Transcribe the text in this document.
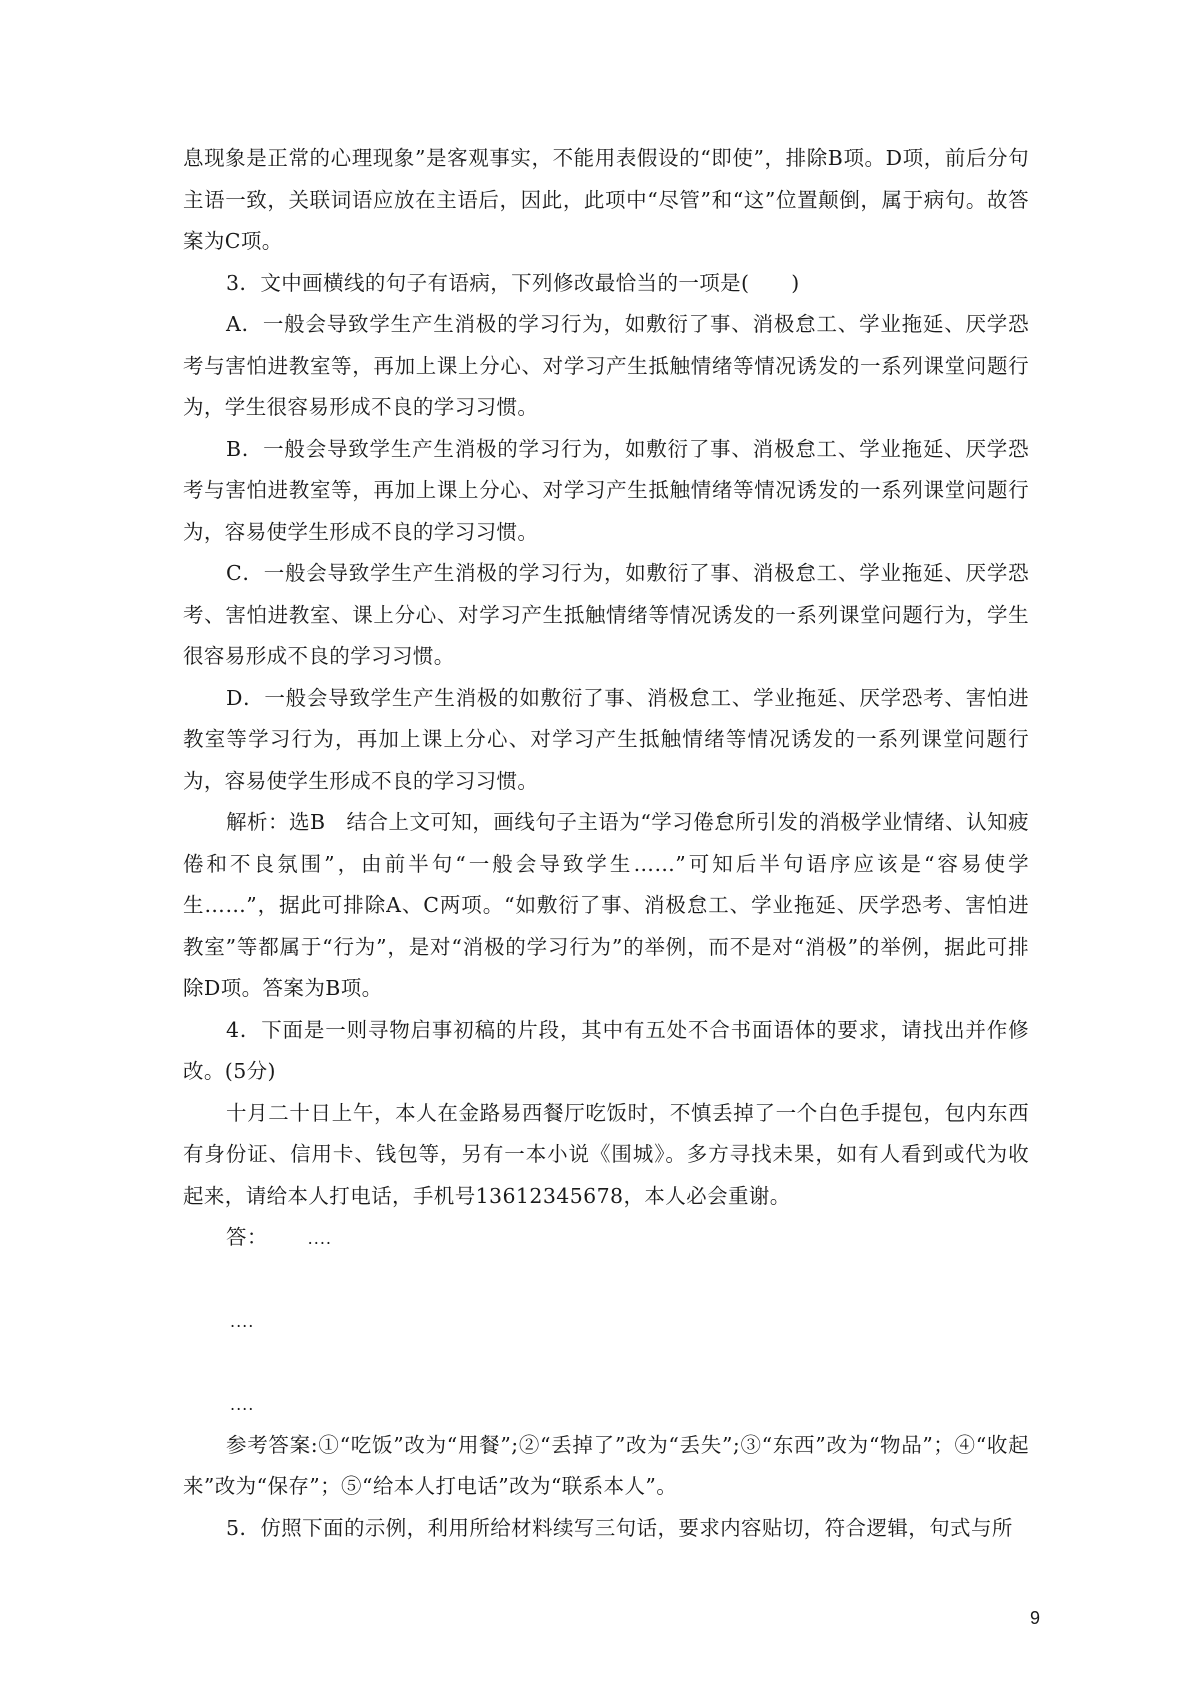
息现象是正常的心理现象”是客观事实，不能用表假设的“即使”，排除B项。D项，前后分句主语一致，关联词语应放在主语后，因此，此项中“尽管”和“这”位置颠倒，属于病句。故答案为C项。

3．文中画横线的句子有语病，下列修改最恰当的一项是(　　)

A．一般会导致学生产生消极的学习行为，如敷衍了事、消极怠工、学业拖延、厌学恐考与害怕进教室等，再加上课上分心、对学习产生抵触情绪等情况诱发的一系列课堂问题行为，学生很容易形成不良的学习习惯。

B．一般会导致学生产生消极的学习行为，如敷衍了事、消极怠工、学业拖延、厌学恐考与害怕进教室等，再加上课上分心、对学习产生抵触情绪等情况诱发的一系列课堂问题行为，容易使学生形成不良的学习习惯。

C．一般会导致学生产生消极的学习行为，如敷衍了事、消极怠工、学业拖延、厌学恐考、害怕进教室、课上分心、对学习产生抵触情绪等情况诱发的一系列课堂问题行为，学生很容易形成不良的学习习惯。

D．一般会导致学生产生消极的如敷衍了事、消极怠工、学业拖延、厌学恐考、害怕进教室等学习行为，再加上课上分心、对学习产生抵触情绪等情况诱发的一系列课堂问题行为，容易使学生形成不良的学习习惯。

解析：选B　结合上文可知，画线句子主语为“学习倦怠所引发的消极学业情绪、认知疲倦和不良氛围”，由前半句“一般会导致学生……”可知后半句语序应该是“容易使学生……”，据此可排除A、C两项。“如敷衍了事、消极怠工、学业拖延、厌学恐考、害怕进教室”等都属于“行为”，是对“消极的学习行为”的举例，而不是对“消极”的举例，据此可排除D项。答案为B项。

4．下面是一则寻物启事初稿的片段，其中有五处不合书面语体的要求，请找出并作修改。(5分)

十月二十日上午，本人在金路易西餐厅吃饭时，不慎丢掉了一个白色手提包，包内东西有身份证、信用卡、钱包等，另有一本小说《围城》。多方寻找未果，如有人看到或代为收起来，请给本人打电话，手机号13612345678，本人必会重谢。

答： ....

....

....

参考答案:①“吃饭”改为“用餐”;②“丢掉了”改为“丢失”;③“东西”改为“物品”；④“收起来”改为“保存”；⑤“给本人打电话”改为“联系本人”。

5．仿照下面的示例，利用所给材料续写三句话，要求内容贴切，符合逻辑，句式与所

9
